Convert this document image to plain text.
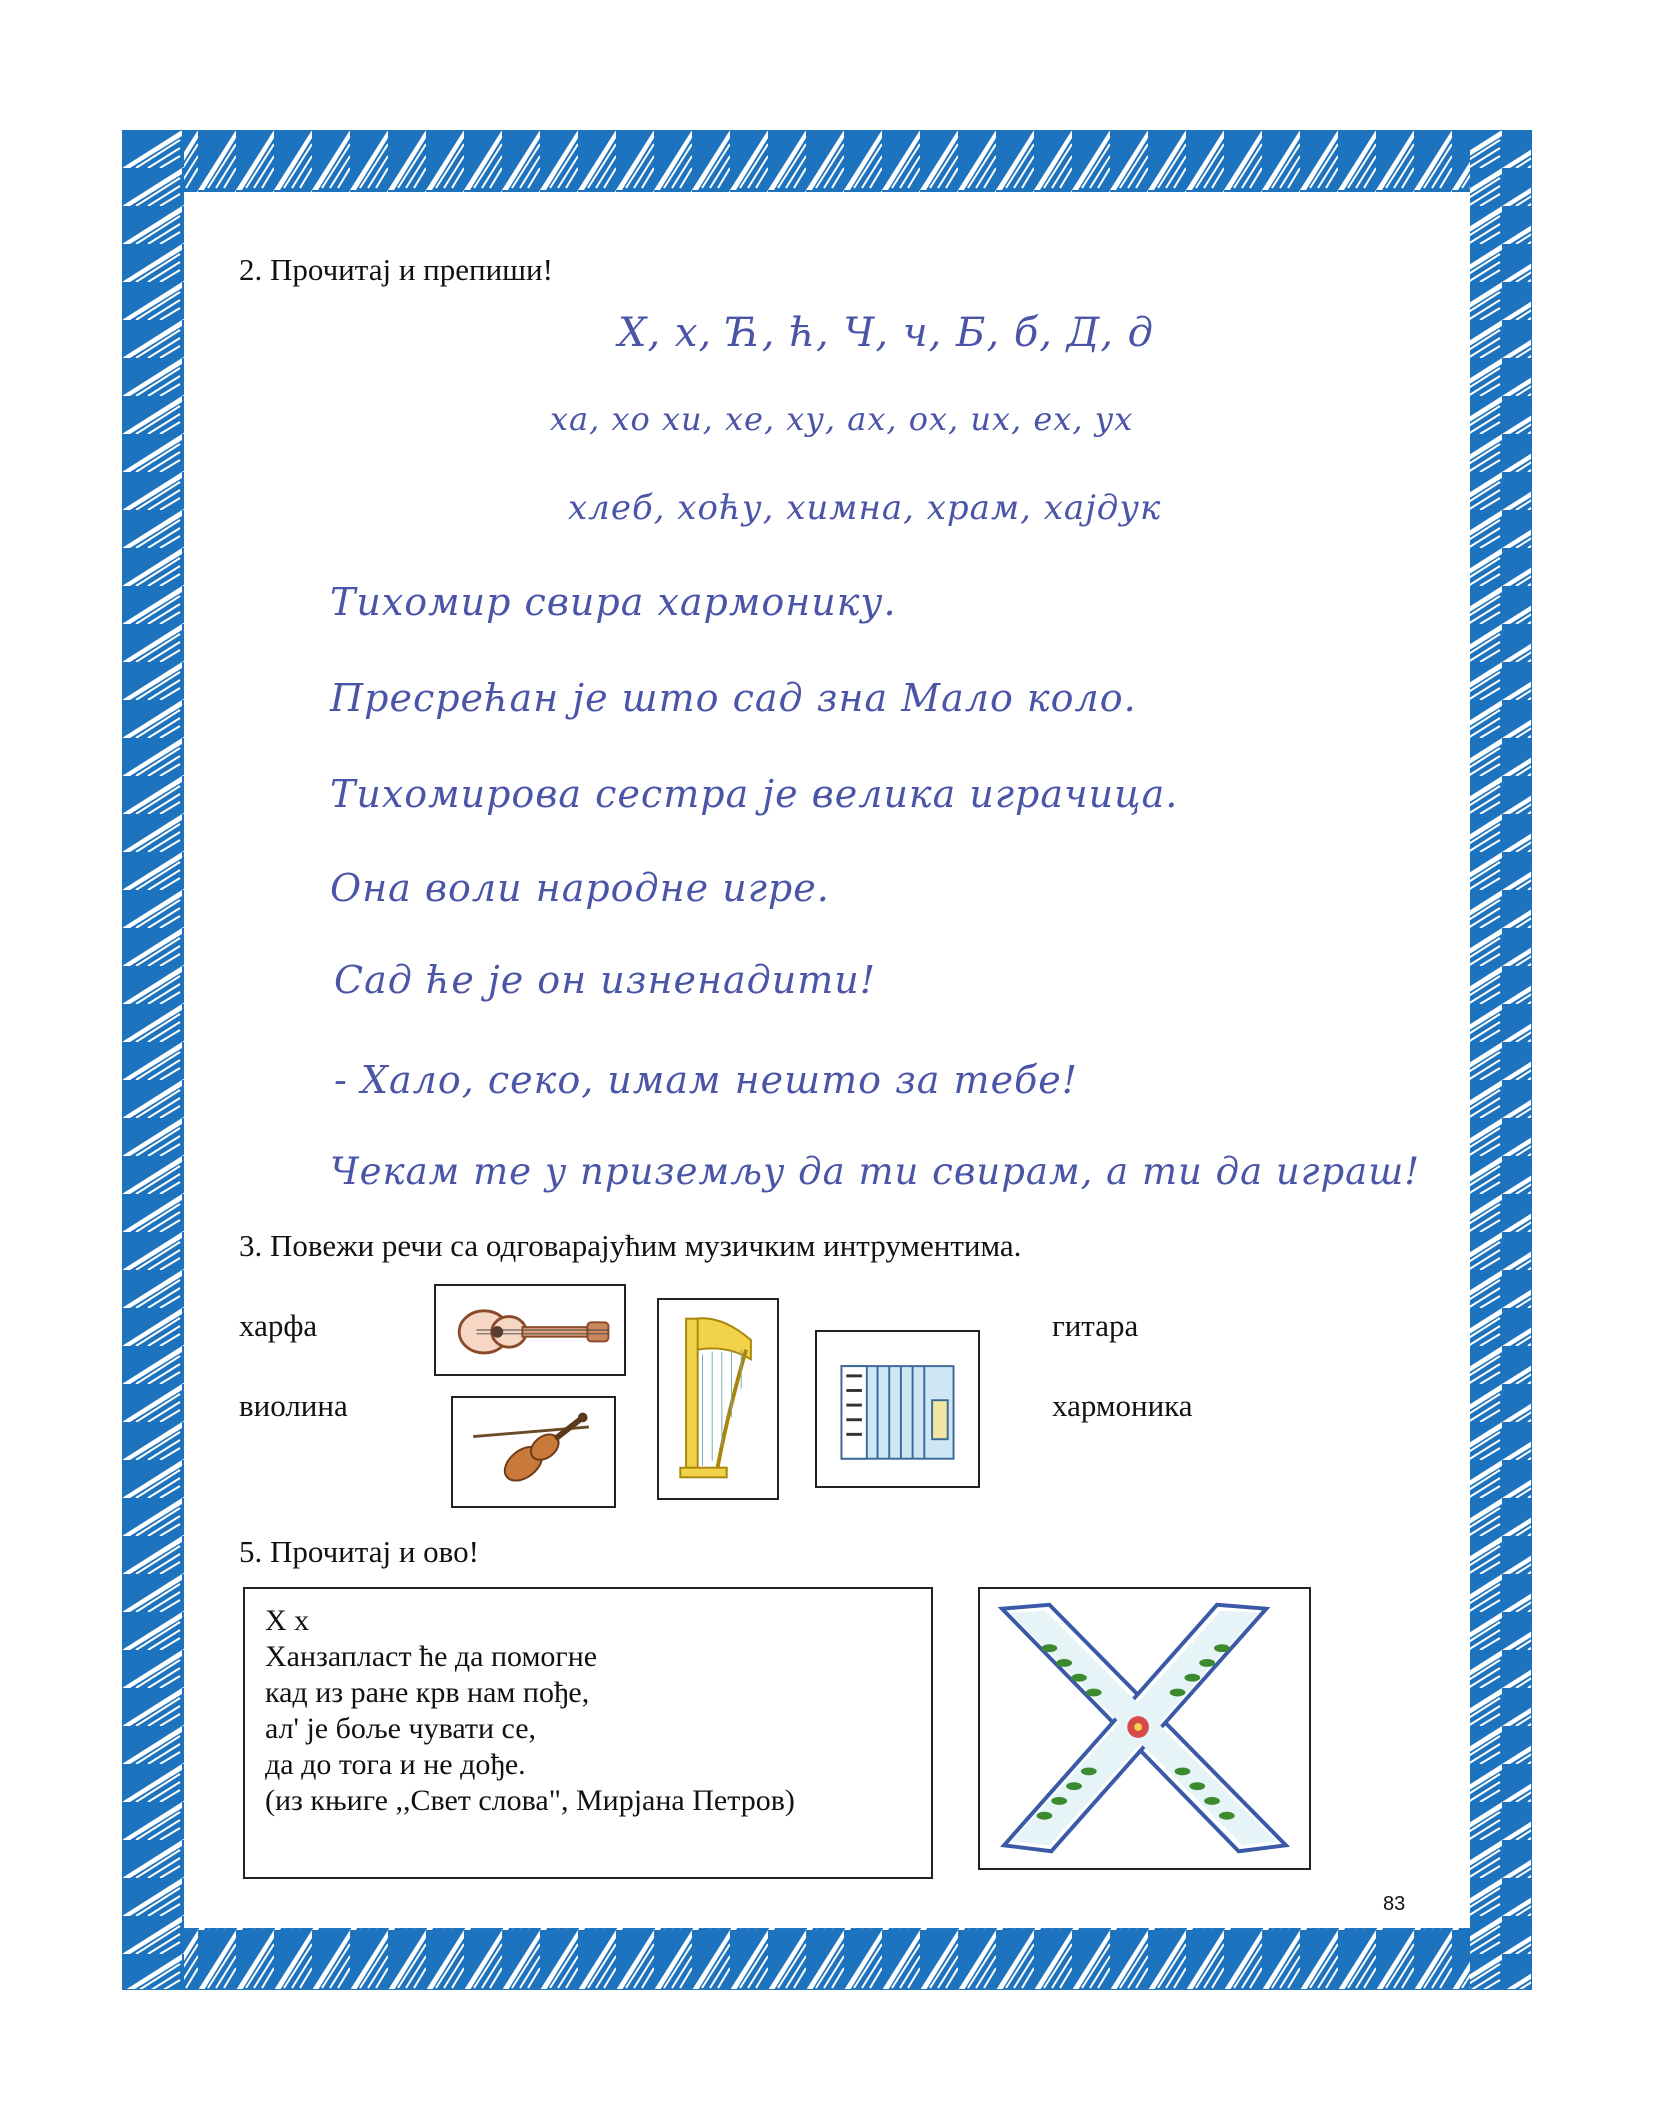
2. Прочитај и препиши!
Х, х, Ћ, ћ, Ч, ч, Б, б, Д, д
ха, хо хи, хе, ху, ах, ох, их, ех, ух
хлеб, хоћу, химна, храм, хајдук
Тихомир свира хармонику.
Пресрећан је што сад зна Мало коло.
Тихомирова сестра је велика играчица.
Она воли народне игре.
Сад ће је он изненадити!
- Хало, секо, имам нешто за тебе!
Чекам те у приземљу да ти свирам, а ти да играш!
3. Повежи речи са одговарајућим музичким интрументима.
харфа
виолина
гитара
хармоника
5. Прочитај и ово!
Х х
Ханзапласт ће да помогне
кад из ране крв нам пође,
ал' је боље чувати се,
да до тога и не дође.
(из књиге ,,Свет слова", Мирјана Петров)
83
